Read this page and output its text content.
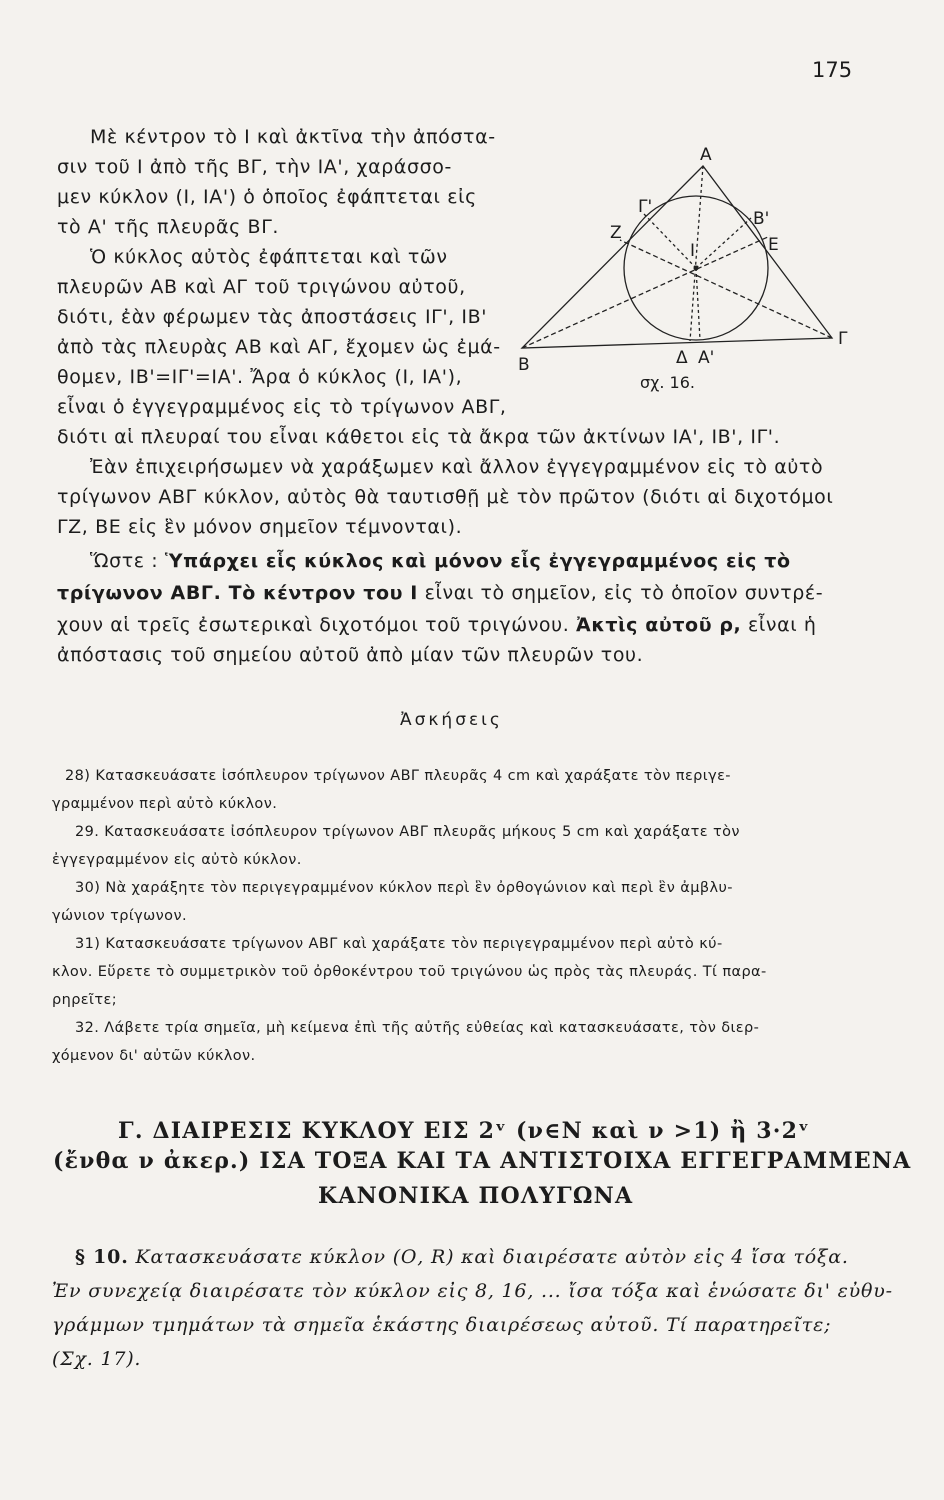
175
Α
Γ'
Β'
Ζ
Ε
Ι
Β
Γ
Δ Α'
σχ. 16.
Μὲ κέντρον τὸ Ι καὶ ἀκτῖνα τὴν ἀπόστα-
σιν τοῦ Ι ἀπὸ τῆς ΒΓ, τὴν ΙΑ', χαράσσο-
μεν κύκλον (Ι, ΙΑ') ὁ ὁποῖος ἐφάπτεται εἰς
τὸ Α' τῆς πλευρᾶς ΒΓ.
Ὁ κύκλος αὐτὸς ἐφάπτεται καὶ τῶν
πλευρῶν ΑΒ καὶ ΑΓ τοῦ τριγώνου αὐτοῦ,
διότι, ἐὰν φέρωμεν τὰς ἀποστάσεις ΙΓ', ΙΒ'
ἀπὸ τὰς πλευρὰς ΑΒ καὶ ΑΓ, ἔχομεν ὡς ἐμά-
θομεν, ΙΒ'=ΙΓ'=ΙΑ'. Ἄρα ὁ κύκλος (Ι, ΙΑ'),
εἶναι ὁ ἐγγεγραμμένος εἰς τὸ τρίγωνον ΑΒΓ,
διότι αἱ πλευραί του εἶναι κάθετοι εἰς τὰ ἄκρα τῶν ἀκτίνων ΙΑ', ΙΒ', ΙΓ'.
Ἐὰν ἐπιχειρήσωμεν νὰ χαράξωμεν καὶ ἄλλον ἐγγεγραμμένον εἰς τὸ αὐτὸ
τρίγωνον ΑΒΓ κύκλον, αὐτὸς θὰ ταυτισθῇ μὲ τὸν πρῶτον (διότι αἱ διχοτόμοι
ΓΖ, ΒΕ εἰς ἓν μόνον σημεῖον τέμνονται).
Ὥστε : Ὑπάρχει εἷς κύκλος καὶ μόνον εἷς ἐγγεγραμμένος εἰς τὸ
τρίγωνον ΑΒΓ. Τὸ κέντρον του Ι εἶναι τὸ σημεῖον, εἰς τὸ ὁποῖον συντρέ-
χουν αἱ τρεῖς ἐσωτερικαὶ διχοτόμοι τοῦ τριγώνου. Ἀκτὶς αὐτοῦ ρ, εἶναι ἡ
ἀπόστασις τοῦ σημείου αὐτοῦ ἀπὸ μίαν τῶν πλευρῶν του.
Ἀσκήσεις
28) Κατασκευάσατε ἰσόπλευρον τρίγωνον ΑΒΓ πλευρᾶς 4 cm καὶ χαράξατε τὸν περιγε-
γραμμένον περὶ αὐτὸ κύκλον.
29. Κατασκευάσατε ἰσόπλευρον τρίγωνον ΑΒΓ πλευρᾶς μήκους 5 cm καὶ χαράξατε τὸν
ἐγγεγραμμένον εἰς αὐτὸ κύκλον.
30) Νὰ χαράξητε τὸν περιγεγραμμένον κύκλον περὶ ἓν ὀρθογώνιον καὶ περὶ ἓν ἀμβλυ-
γώνιον τρίγωνον.
31) Κατασκευάσατε τρίγωνον ΑΒΓ καὶ χαράξατε τὸν περιγεγραμμένον περὶ αὐτὸ κύ-
κλον. Εὕρετε τὸ συμμετρικὸν τοῦ ὀρθοκέντρου τοῦ τριγώνου ὡς πρὸς τὰς πλευράς. Τί παρα-
ρηρεῖτε;
32. Λάβετε τρία σημεῖα, μὴ κείμενα ἐπὶ τῆς αὐτῆς εὐθείας καὶ κατασκευάσατε, τὸν διερ-
χόμενον δι' αὐτῶν κύκλον.
Γ. ΔΙΑΙΡΕΣΙΣ ΚΥΚΛΟΥ ΕΙΣ 2ᵛ (ν∈Ν καὶ ν >1) ἢ 3·2ᵛ
(ἔνθα ν ἀκερ.) ΙΣΑ ΤΟΞΑ ΚΑΙ ΤΑ ΑΝΤΙΣΤΟΙΧΑ ΕΓΓΕΓΡΑΜΜΕΝΑ
ΚΑΝΟΝΙΚΑ ΠΟΛΥΓΩΝΑ
§ 10. Κατασκευάσατε κύκλον (Ο, R) καὶ διαιρέσατε αὐτὸν εἰς 4 ἴσα τόξα.
Ἐν συνεχείᾳ διαιρέσατε τὸν κύκλον εἰς 8, 16, ... ἴσα τόξα καὶ ἑνώσατε δι' εὐθυ-
γράμμων τμημάτων τὰ σημεῖα ἑκάστης διαιρέσεως αὐτοῦ. Τί παρατηρεῖτε;
(Σχ. 17).
